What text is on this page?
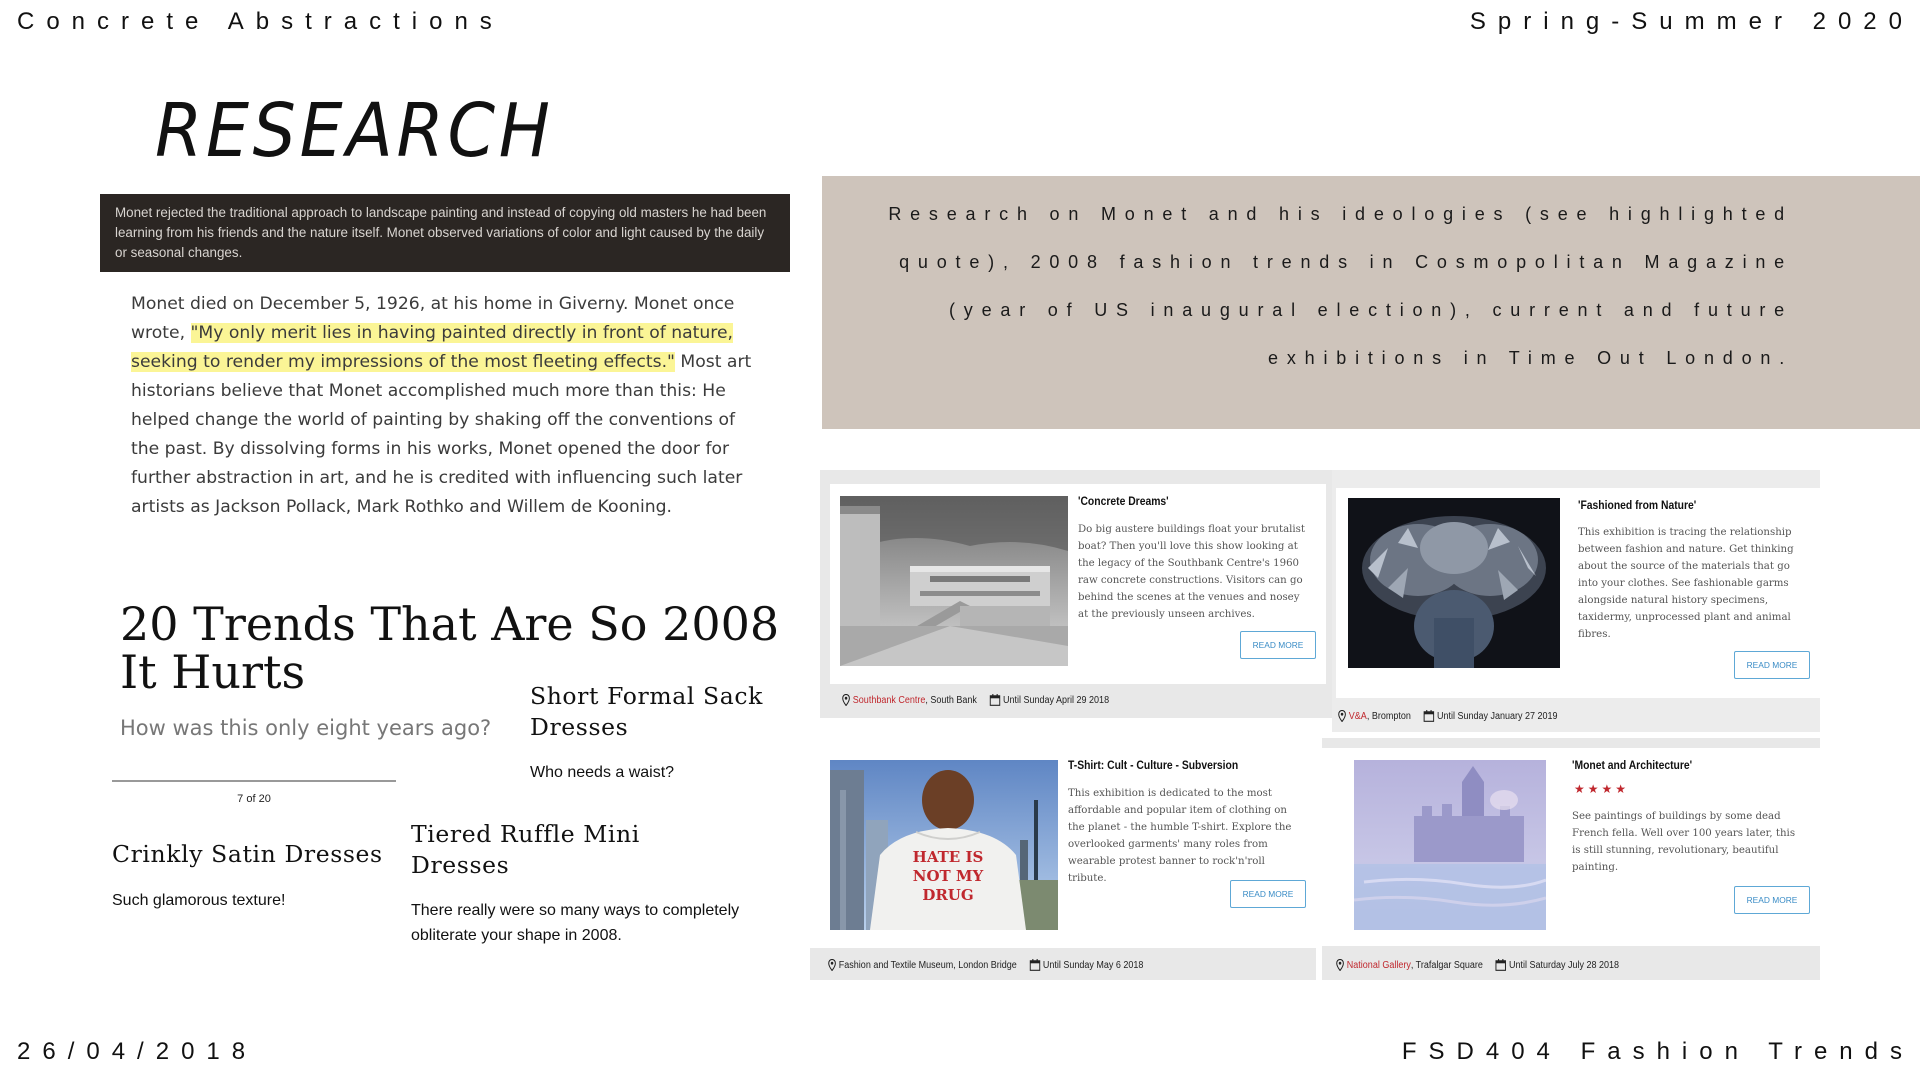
Concrete Abstractions	Spring-Summer 2020
26/04/2018	FSD404 Fashion Trends
RESEARCH
Monet rejected the traditional approach to landscape painting and instead of copying old masters he had been learning from his friends and the nature itself. Monet observed variations of color and light caused by the daily or seasonal changes.
Monet died on December 5, 1926, at his home in Giverny. Monet once wrote, "My only merit lies in having painted directly in front of nature, seeking to render my impressions of the most fleeting effects." Most art historians believe that Monet accomplished much more than this: He helped change the world of painting by shaking off the conventions of the past. By dissolving forms in his works, Monet opened the door for further abstraction in art, and he is credited with influencing such later artists as Jackson Pollack, Mark Rothko and Willem de Kooning.
Research on Monet and his ideologies (see highlighted quote), 2008 fashion trends in Cosmopolitan Magazine (year of US inaugural election), current and future exhibitions in Time Out London.
20 Trends That Are So 2008 It Hurts
How was this only eight years ago?
7 of 20
Short Formal Sack Dresses
Who needs a waist?
Crinkly Satin Dresses
Such glamorous texture!
Tiered Ruffle Mini Dresses
There really were so many ways to completely obliterate your shape in 2008.
'Concrete Dreams'
Do big austere buildings float your brutalist boat? Then you'll love this show looking at the legacy of the Southbank Centre's 1960 raw concrete constructions. Visitors can go behind the scenes at the venues and nosey at the previously unseen archives.
READ MORE
Southbank Centre , South Bank	Until Sunday April 29 2018
'Fashioned from Nature'
This exhibition is tracing the relationship between fashion and nature. Get thinking about the source of the materials that go into your clothes. See fashionable garms alongside natural history specimens, taxidermy, unprocessed plant and animal fibres.
READ MORE
V&A , Brompton	Until Sunday January 27 2019
HATE IS NOT MY DRUG
T-Shirt: Cult - Culture - Subversion
This exhibition is dedicated to the most affordable and popular item of clothing on the planet - the humble T-shirt. Explore the overlooked garments' many roles from wearable protest banner to rock'n'roll tribute.
READ MORE
Fashion and Textile Museum , London Bridge	Until Sunday May 6 2018
'Monet and Architecture'
★★★★
See paintings of buildings by some dead French fella. Well over 100 years later, this is still stunning, revolutionary, beautiful painting.
READ MORE
National Gallery , Trafalgar Square	Until Saturday July 28 2018
